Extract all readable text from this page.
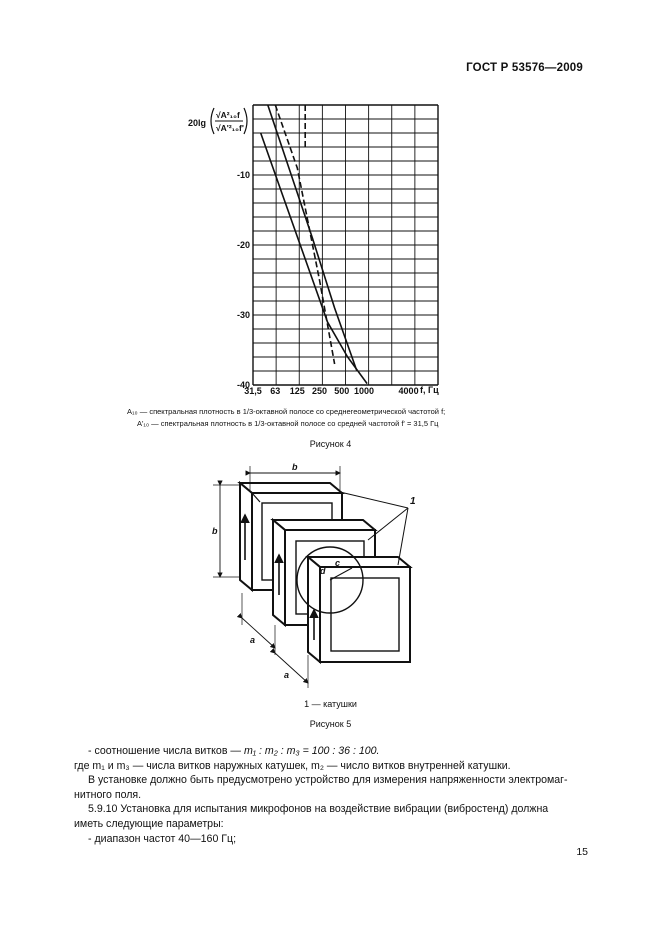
ГОСТ Р 53576—2009
-10
-20
-30
-40
31,5 63 125 250 500 1000	4000
20lg
√A²₁₀f
√A'²₁₀f'
f, Гц
A₁₀ — спектральная плотность в 1/3-октавной полосе со среднегеометрической частотой f;
A'₁₀ — спектральная плотность в 1/3-октавной полосе со средней частотой f' = 31,5 Гц
Рисунок 4
d
c
b
b
a
a
1
1 — катушки
Рисунок 5
- соотношение числа витков — m₁ : m₂ : m₃ = 100 : 36 : 100.
где m₁ и m₃ — числа витков наружных катушек, m₂ — число витков внутренней катушки.
В установке должно быть предусмотрено устройство для измерения напряженности электромаг-
нитного поля.
5.9.10 Установка для испытания микрофонов на воздействие вибрации (вибростенд) должна
иметь следующие параметры:
- диапазон частот 40—160 Гц;
15
